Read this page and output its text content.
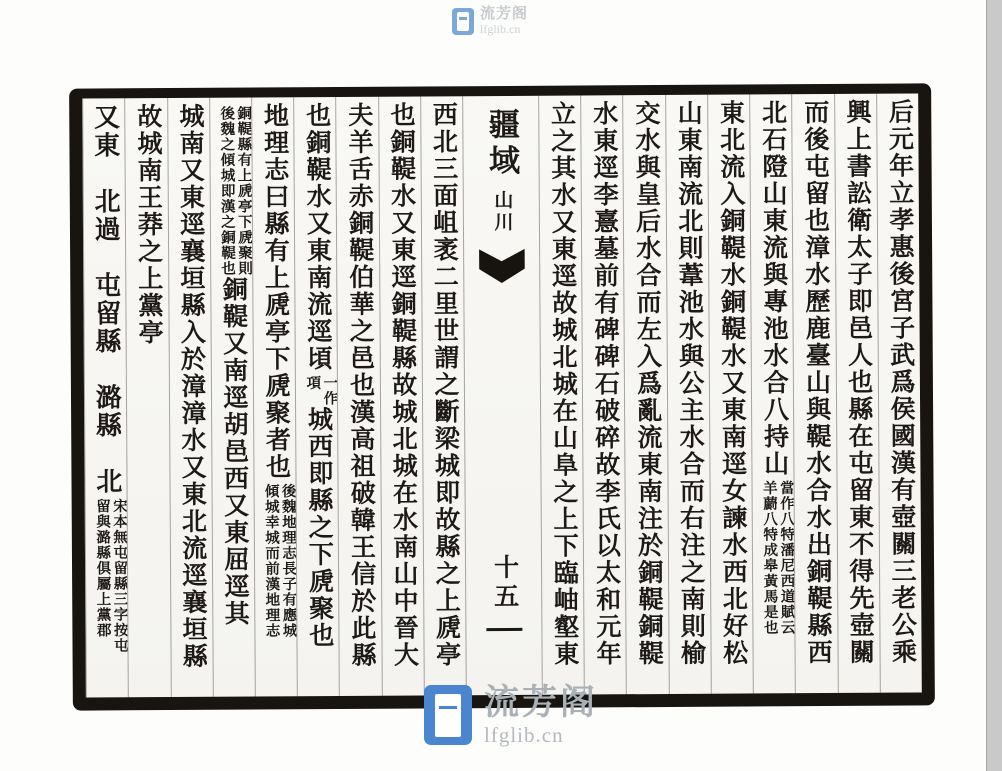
流芳阁
lfglib.cn
后元年立孝惠後宮子武爲侯國漢有壺關三老公乘
興上書訟衛太子即邑人也縣在屯留東不得先壺關
而後屯留也漳水歷鹿臺山與鞮水合水出銅鞮縣西
北石隥山東流與專池水合八持山
當作八特潘尼西道賦云
羊蘮八特成皋黃馬是也
東北流入銅鞮水銅鞮水又東南逕女諫水西北好松
山東南流北則葦池水與公主水合而右注之南則榆
交水與皇后水合而左入爲亂流東南注於銅鞮銅鞮
水東逕李憙墓前有碑碑石破碎故李氏以太和元年
立之其水又東逕故城北城在山阜之上下臨岫壑東
疆域
山川
十五
西北三面岨袤二里世謂之斷梁城即故縣之上虒亭
也銅鞮水又東逕銅鞮縣故城北城在水南山中晉大
夫羊舌赤銅鞮伯華之邑也漢高祖破韓王信於此縣
也銅鞮水又東南流逕頃
一作
項
城西即縣之下虒聚也
地理志曰縣有上虒亭下虒聚者也
後魏地理志長子有應城
傾城幸城而前漢地理志
銅鞮縣有上虒亭下虒聚則
後魏之傾城即漢之銅鞮也
銅鞮又南逕胡邑西又東屈逕其
城南又東逕襄垣縣入於漳漳水又東北流逕襄垣縣
故城南王莽之上黨亭
又東　北過　屯留縣　潞縣　北
宋本無屯留縣三字按屯
留與潞縣俱屬上黨郡
流芳阁
lfglib.cn
